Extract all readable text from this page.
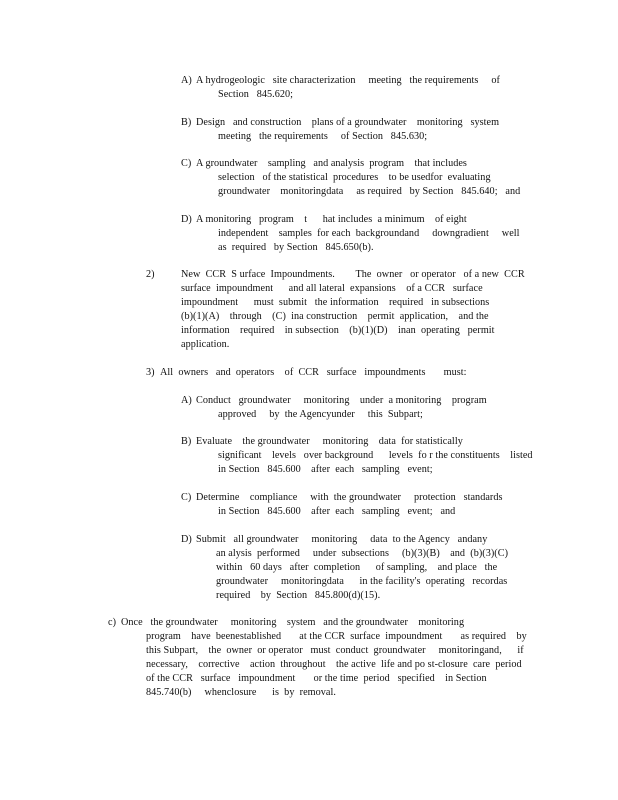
A) A hydrogeologic   site characterization     meeting   the requirements     of
Section   845.620;
B) Design   and construction    plans of a groundwater    monitoring   system
meeting   the requirements     of Section   845.630;
C) A groundwater    sampling   and analysis  program    that includes
selection   of the statistical  procedures    to be usedfor  evaluating
groundwater    monitoringdata     as required   by Section   845.640;   and
D) A monitoring   program    t      hat includes  a minimum    of eight
independent    samples  for each  backgroundand     downgradient     well
as  required   by Section   845.650(b).
2)	New  CCR  S urface  Impoundments.        The  owner   or operator   of a new  CCR
surface  impoundment      and all lateral  expansions    of a CCR   surface
impoundment      must  submit   the information    required   in subsections
(b)(1)(A)    through    (C)  ina construction    permit  application,    and the
information    required    in subsection    (b)(1)(D)    inan  operating   permit
application.
3) All  owners   and  operators    of  CCR   surface   impoundments       must:
A) Conduct   groundwater     monitoring    under  a monitoring    program
approved     by  the Agencyunder     this  Subpart;
B) Evaluate    the groundwater     monitoring    data  for statistically
significant    levels   over background      levels  fo r the constituents    listed
in Section   845.600    after  each   sampling   event;
C) Determine    compliance     with  the groundwater     protection   standards
in Section   845.600    after  each   sampling   event;   and
D) Submit   all groundwater     monitoring     data  to the Agency   andany
an alysis  performed     under  subsections     (b)(3)(B)    and  (b)(3)(C)
within   60 days   after  completion      of sampling,    and place   the
groundwater     monitoringdata      in the facility's  operating   recordas
required    by  Section   845.800(d)(15).
c) Once   the groundwater     monitoring    system   and the groundwater    monitoring
program    have  beenestablished       at the CCR  surface  impoundment       as required    by
this Subpart,    the  owner  or operator   must  conduct  groundwater     monitoringand,      if
necessary,    corrective    action  throughout    the active  life and po st-closure  care  period
of the CCR   surface   impoundment       or the time  period   specified    in Section
845.740(b)     whenclosure      is  by  removal.
